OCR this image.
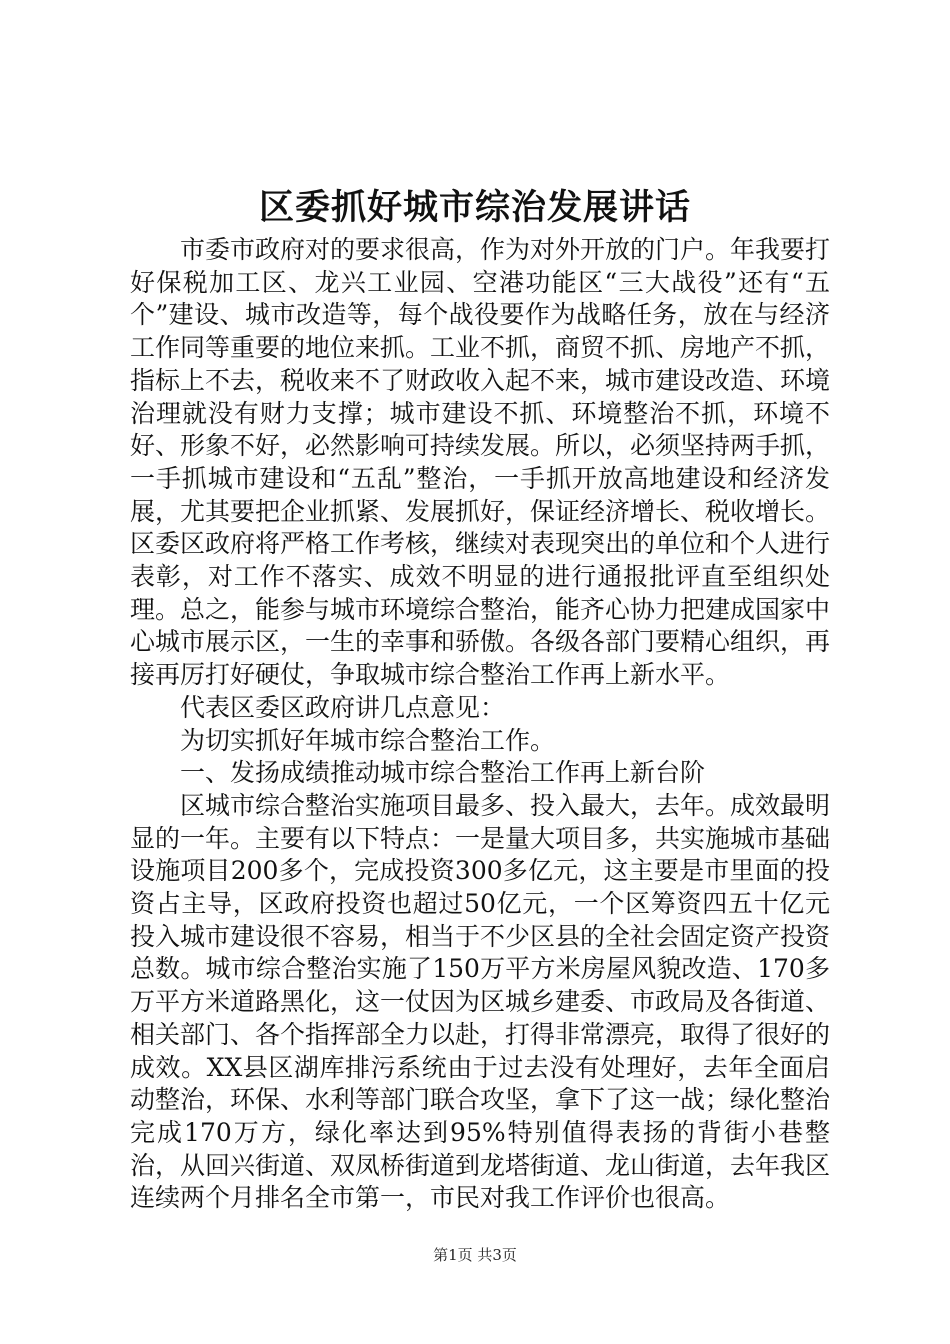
区委抓好城市综治发展讲话

市委市政府对的要求很高，作为对外开放的门户。年我要打好保税加工区、龙兴工业园、空港功能区“三大战役”还有“五个”建设、城市改造等，每个战役要作为战略任务，放在与经济工作同等重要的地位来抓。工业不抓，商贸不抓、房地产不抓，指标上不去，税收来不了财政收入起不来，城市建设改造、环境治理就没有财力支撑；城市建设不抓、环境整治不抓，环境不好、形象不好，必然影响可持续发展。所以，必须坚持两手抓，一手抓城市建设和“五乱”整治，一手抓开放高地建设和经济发展，尤其要把企业抓紧、发展抓好，保证经济增长、税收增长。区委区政府将严格工作考核，继续对表现突出的单位和个人进行表彰，对工作不落实、成效不明显的进行通报批评直至组织处理。总之，能参与城市环境综合整治，能齐心协力把建成国家中心城市展示区，一生的幸事和骄傲。各级各部门要精心组织，再接再厉打好硬仗，争取城市综合整治工作再上新水平。

代表区委区政府讲几点意见：

为切实抓好年城市综合整治工作。

一、发扬成绩推动城市综合整治工作再上新台阶

区城市综合整治实施项目最多、投入最大，去年。成效最明显的一年。主要有以下特点：一是量大项目多，共实施城市基础设施项目200多个，完成投资300多亿元，这主要是市里面的投资占主导，区政府投资也超过50亿元，一个区筹资四五十亿元投入城市建设很不容易，相当于不少区县的全社会固定资产投资总数。城市综合整治实施了150万平方米房屋风貌改造、170多万平方米道路黑化，这一仗因为区城乡建委、市政局及各街道、相关部门、各个指挥部全力以赴，打得非常漂亮，取得了很好的成效。XX县区湖库排污系统由于过去没有处理好，去年全面启动整治，环保、水利等部门联合攻坚，拿下了这一战；绿化整治完成170万方，绿化率达到95%特别值得表扬的背街小巷整治，从回兴街道、双凤桥街道到龙塔街道、龙山街道，去年我区连续两个月排名全市第一，市民对我工作评价也很高。

第1页 共3页
